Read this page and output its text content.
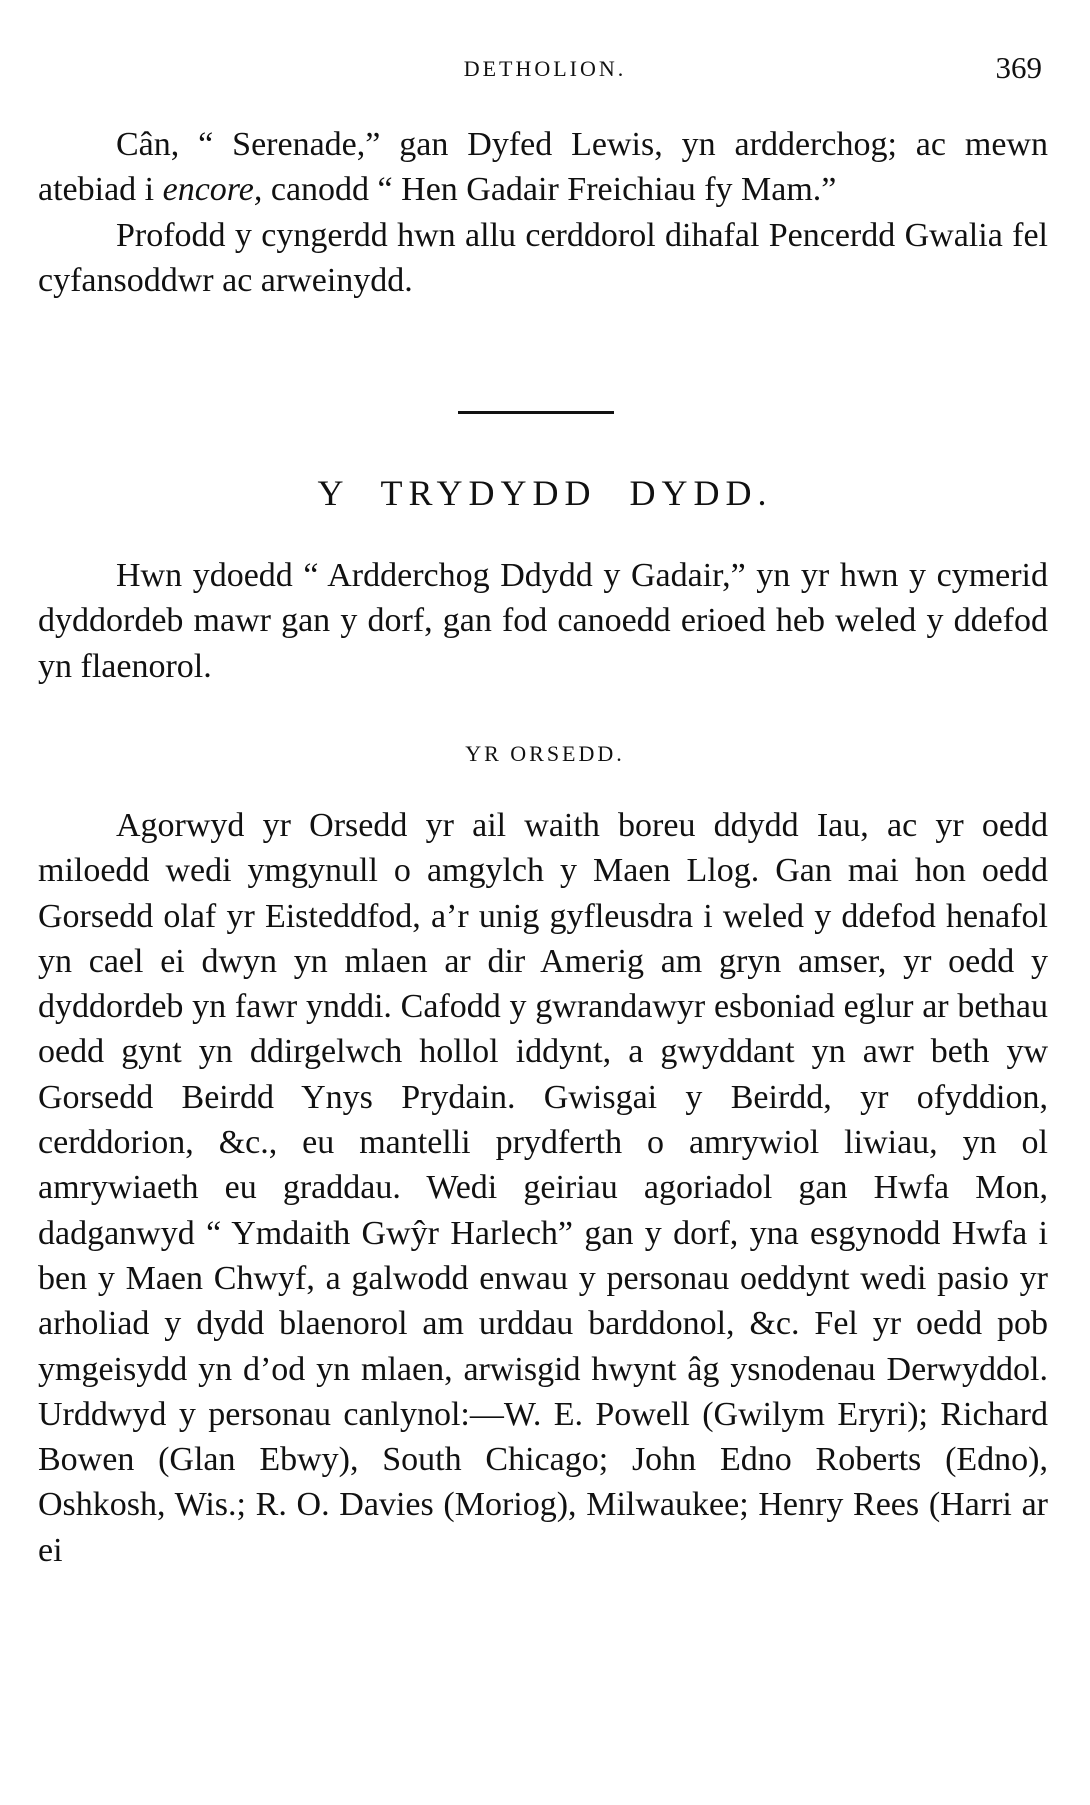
DETHOLION.	369

Cân, “ Serenade,” gan Dyfed Lewis, yn ardderchog; ac mewn atebiad i encore, canodd “ Hen Gadair Freichiau fy Mam.”

Profodd y cyngerdd hwn allu cerddorol dihafal Pencerdd Gwalia fel cyfansoddwr ac arweinydd.

Y TRYDYDD DYDD.

Hwn ydoedd “ Ardderchog Ddydd y Gadair,” yn yr hwn y cymerid dyddordeb mawr gan y dorf, gan fod canoedd erioed heb weled y ddefod yn flaenorol.

YR ORSEDD.

Agorwyd yr Orsedd yr ail waith boreu ddydd Iau, ac yr oedd miloedd wedi ymgynull o amgylch y Maen Llog. Gan mai hon oedd Gorsedd olaf yr Eisteddfod, a’r unig gyfleusdra i weled y ddefod henafol yn cael ei dwyn yn mlaen ar dir Amerig am gryn amser, yr oedd y dyddordeb yn fawr ynddi. Cafodd y gwrandawyr esboniad eglur ar bethau oedd gynt yn ddirgelwch hollol iddynt, a gwyddant yn awr beth yw Gorsedd Beirdd Ynys Prydain. Gwisgai y Beirdd, yr ofyddion, cerddorion, &c., eu mantelli prydferth o amrywiol liwiau, yn ol amrywiaeth eu graddau. Wedi geiriau agoriadol gan Hwfa Mon, dadganwyd “ Ymdaith Gwŷr Harlech” gan y dorf, yna esgynodd Hwfa i ben y Maen Chwyf, a galwodd enwau y personau oeddynt wedi pasio yr arholiad y dydd blaenorol am urddau barddonol, &c. Fel yr oedd pob ymgeisydd yn d’od yn mlaen, arwisgid hwynt âg ysnodenau Derwyddol. Urddwyd y personau canlynol:—W. E. Powell (Gwilym Eryri); Richard Bowen (Glan Ebwy), South Chicago; John Edno Roberts (Edno), Oshkosh, Wis.; R. O. Davies (Moriog), Milwaukee; Henry Rees (Harri ar ei
